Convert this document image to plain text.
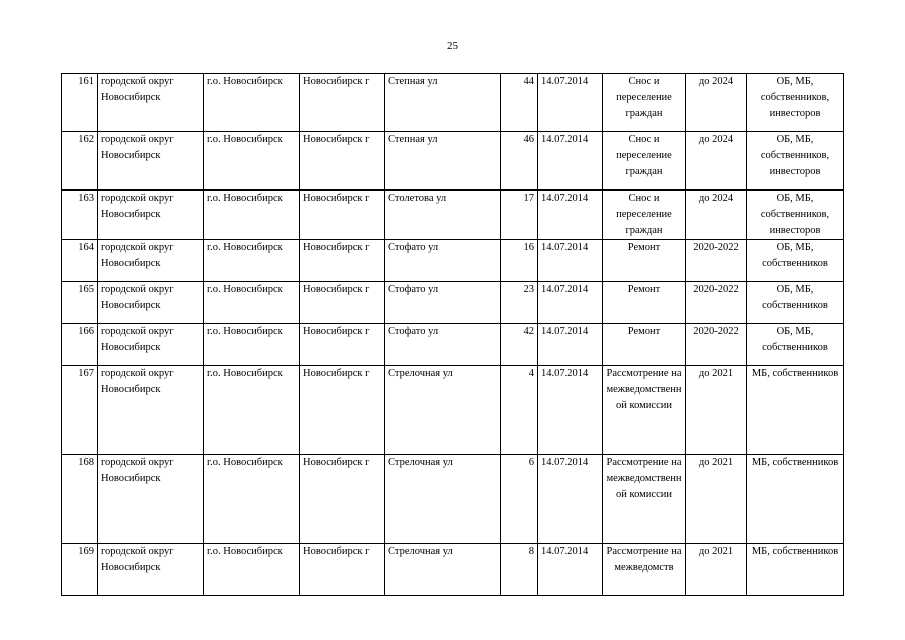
25
161	городской округ Новосибирск	г.о. Новосибирск	Новосибирск г	Степная ул	44	14.07.2014	Снос и переселение граждан	до 2024	ОБ, МБ, собственников, инвесторов
162	городской округ Новосибирск	г.о. Новосибирск	Новосибирск г	Степная ул	46	14.07.2014	Снос и переселение граждан	до 2024	ОБ, МБ, собственников, инвесторов
163	городской округ Новосибирск	г.о. Новосибирск	Новосибирск г	Столетова ул	17	14.07.2014	Снос и переселение граждан	до 2024	ОБ, МБ, собственников, инвесторов
164	городской округ Новосибирск	г.о. Новосибирск	Новосибирск г	Стофато ул	16	14.07.2014	Ремонт	2020-2022	ОБ, МБ, собственников
165	городской округ Новосибирск	г.о. Новосибирск	Новосибирск г	Стофато ул	23	14.07.2014	Ремонт	2020-2022	ОБ, МБ, собственников
166	городской округ Новосибирск	г.о. Новосибирск	Новосибирск г	Стофато ул	42	14.07.2014	Ремонт	2020-2022	ОБ, МБ, собственников
167	городской округ Новосибирск	г.о. Новосибирск	Новосибирск г	Стрелочная ул	4	14.07.2014	Рассмотрение на межведомственной комиссии	до 2021	МБ, собственников
168	городской округ Новосибирск	г.о. Новосибирск	Новосибирск г	Стрелочная ул	6	14.07.2014	Рассмотрение на межведомственной комиссии	до 2021	МБ, собственников
169	городской округ Новосибирск	г.о. Новосибирск	Новосибирск г	Стрелочная ул	8	14.07.2014	Рассмотрение на межведомств	до 2021	МБ, собственников
